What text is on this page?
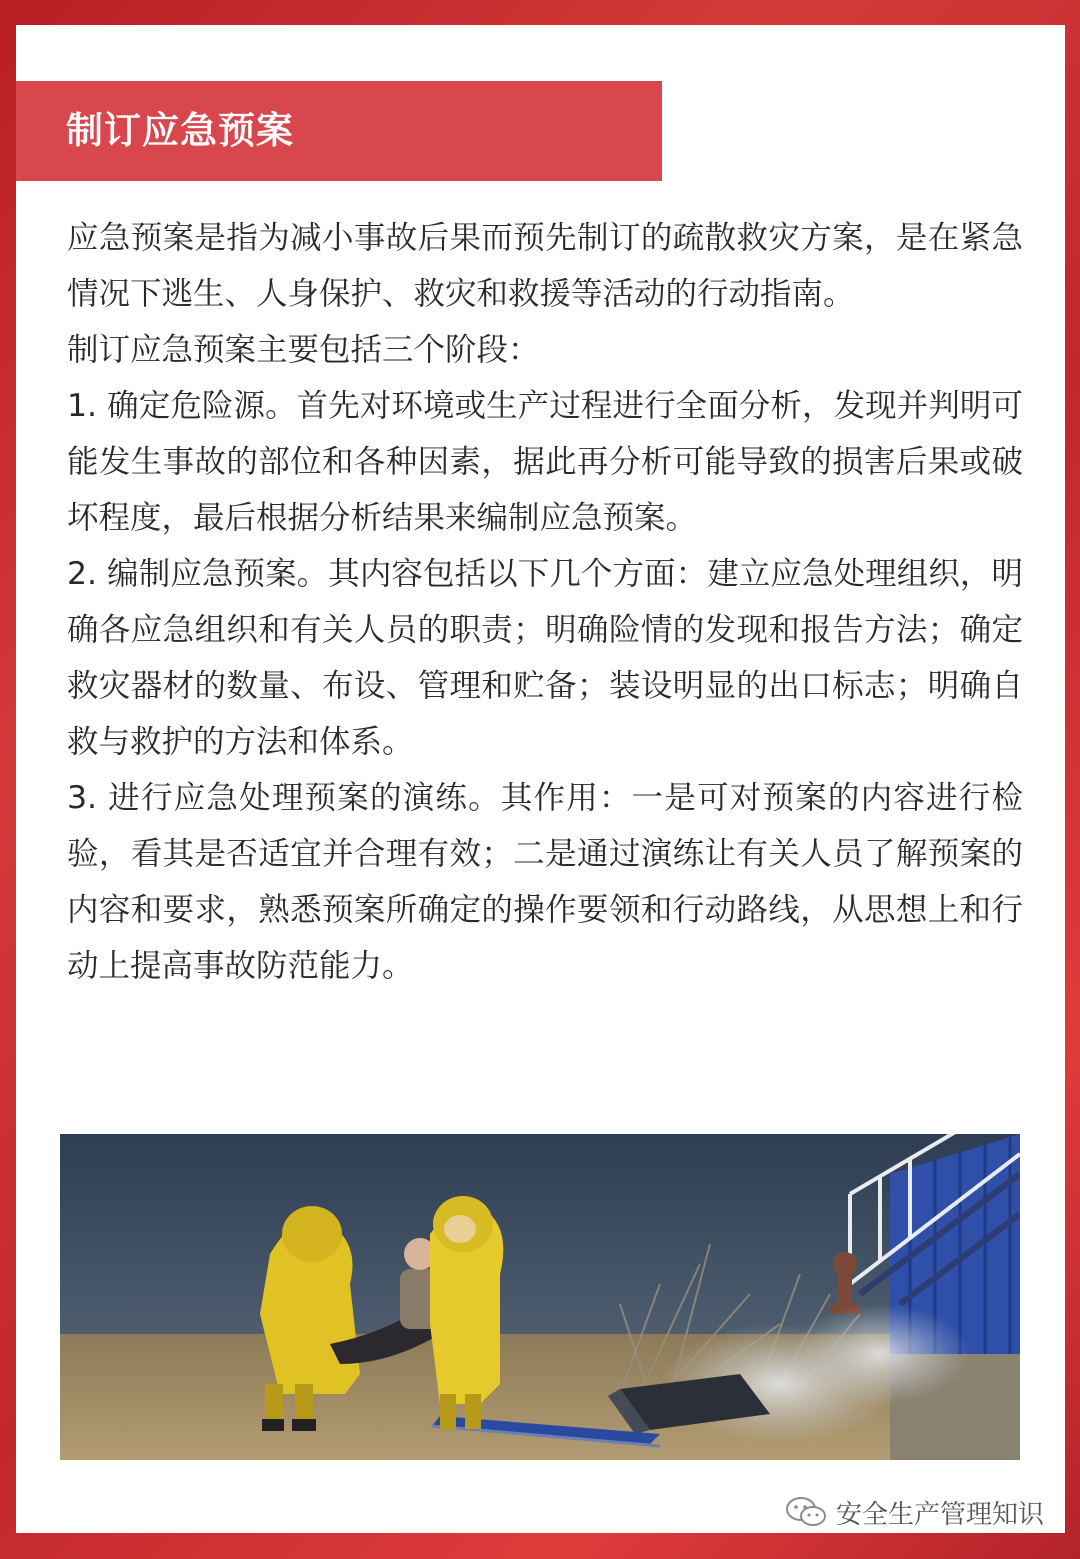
制订应急预案

应急预案是指为减小事故后果而预先制订的疏散救灾方案，是在紧急情况下逃生、人身保护、救灾和救援等活动的行动指南。

制订应急预案主要包括三个阶段：

1. 确定危险源。首先对环境或生产过程进行全面分析，发现并判明可能发生事故的部位和各种因素，据此再分析可能导致的损害后果或破坏程度，最后根据分析结果来编制应急预案。

2. 编制应急预案。其内容包括以下几个方面：建立应急处理组织，明确各应急组织和有关人员的职责；明确险情的发现和报告方法；确定救灾器材的数量、布设、管理和贮备；装设明显的出口标志；明确自救与救护的方法和体系。

3. 进行应急处理预案的演练。其作用：一是可对预案的内容进行检验，看其是否适宜并合理有效；二是通过演练让有关人员了解预案的内容和要求，熟悉预案所确定的操作要领和行动路线，从思想上和行动上提高事故防范能力。

安全生产管理知识
